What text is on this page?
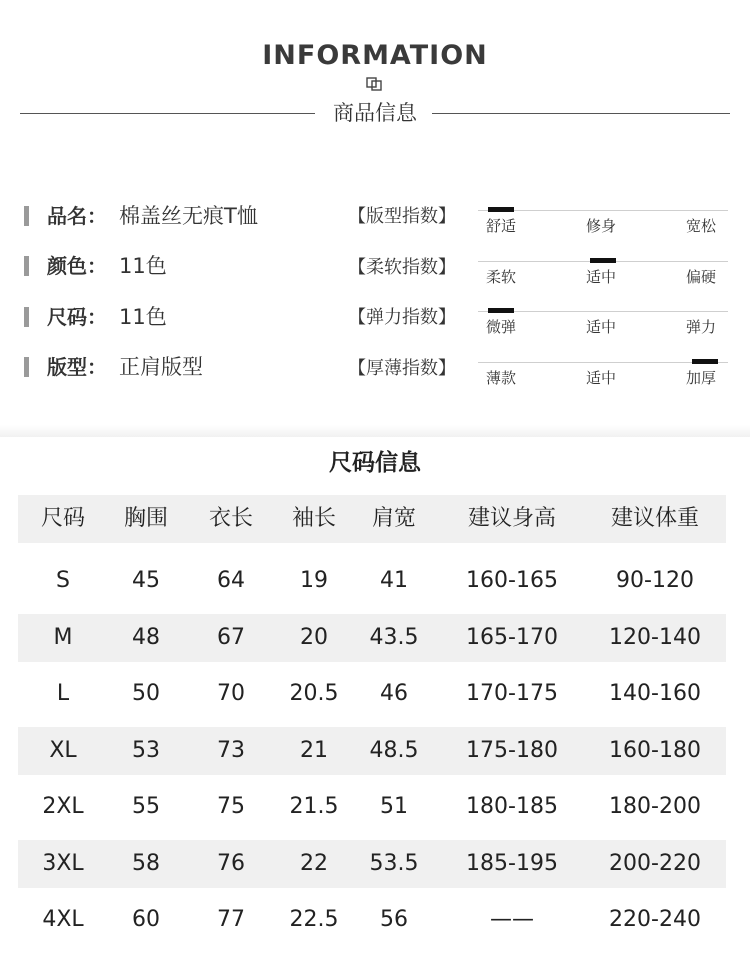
INFORMATION
商品信息
品名： 棉盖丝无痕T恤
颜色： 11色
尺码： 11色
版型： 正肩版型
【版型指数】 舒适	修身	宽松
【柔软指数】 柔软	适中	偏硬
【弹力指数】 微弹	适中	弹力
【厚薄指数】 薄款	适中	加厚
尺码信息
尺码	胸围	衣长	袖长	肩宽	建议身高	建议体重
S	45	64	19	41	160-165	90-120
M	48	67	20	43.5	165-170	120-140
L	50	70	20.5	46	170-175	140-160
XL	53	73	21	48.5	175-180	160-180
2XL	55	75	21.5	51	180-185	180-200
3XL	58	76	22	53.5	185-195	200-220
4XL	60	77	22.5	56	——	220-240
